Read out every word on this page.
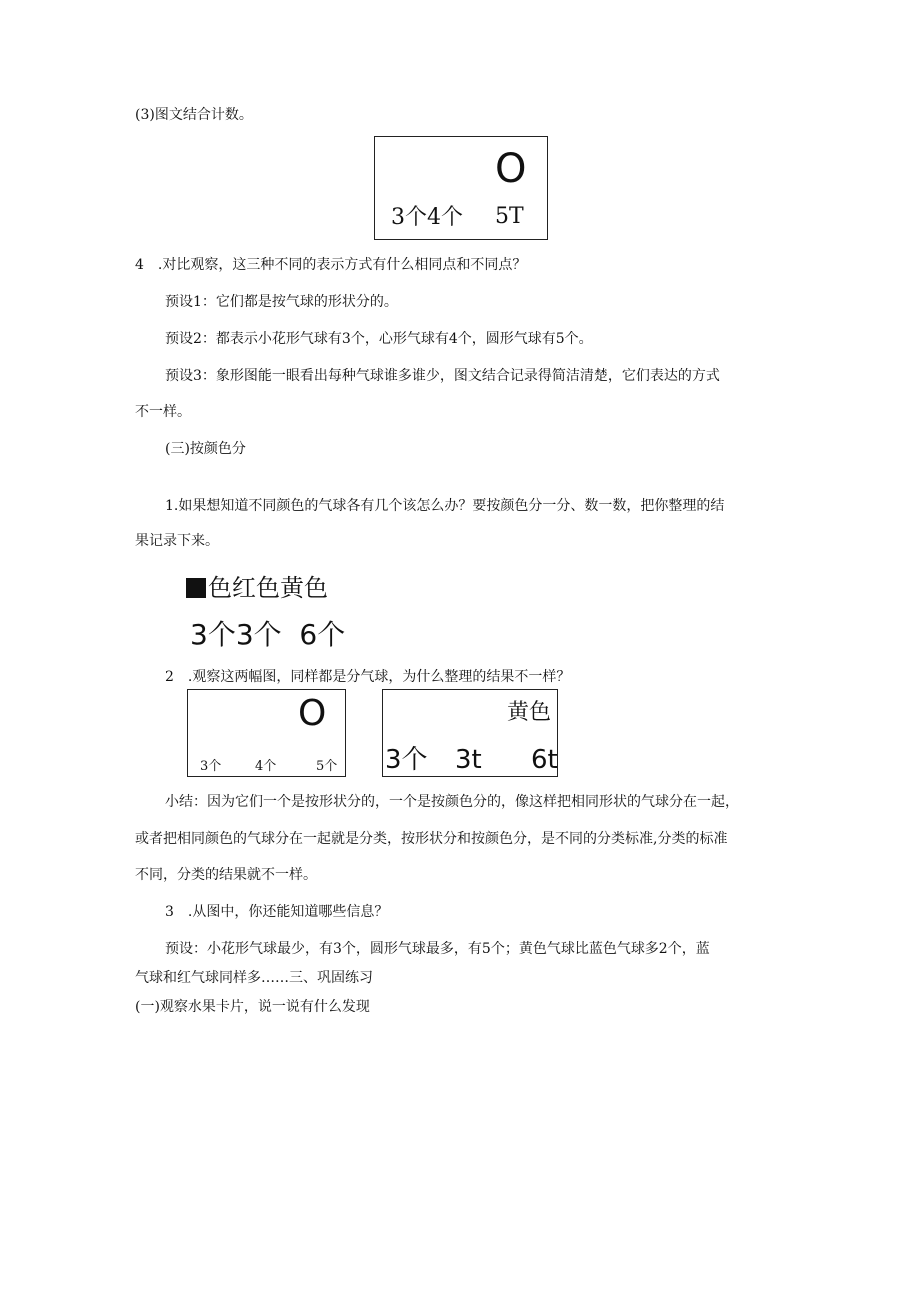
(3)图文结合计数。
O
3个4个 5T
4　.对比观察，这三种不同的表示方式有什么相同点和不同点？
预设1：它们都是按气球的形状分的。
预设2：都表示小花形气球有3个，心形气球有4个，圆形气球有5个。
预设3：象形图能一眼看出每种气球谁多谁少，图文结合记录得简洁清楚，它们表达的方式
不一样。
(三)按颜色分
1.如果想知道不同颜色的气球各有几个该怎么办？要按颜色分一分、数一数，把你整理的结
果记录下来。
色红色黄色
3个3个  6个
2　.观察这两幅图，同样都是分气球，为什么整理的结果不一样？
O
3个	4个	5个
黄色
3个 3t 6t
小结：因为它们一个是按形状分的，一个是按颜色分的，像这样把相同形状的气球分在一起，
或者把相同颜色的气球分在一起就是分类，按形状分和按颜色分，是不同的分类标准,分类的标准
不同，分类的结果就不一样。
3　.从图中，你还能知道哪些信息？
预设：小花形气球最少，有3个，圆形气球最多，有5个；黄色气球比蓝色气球多2个，蓝
气球和红气球同样多……三、巩固练习
(一)观察水果卡片，说一说有什么发现
